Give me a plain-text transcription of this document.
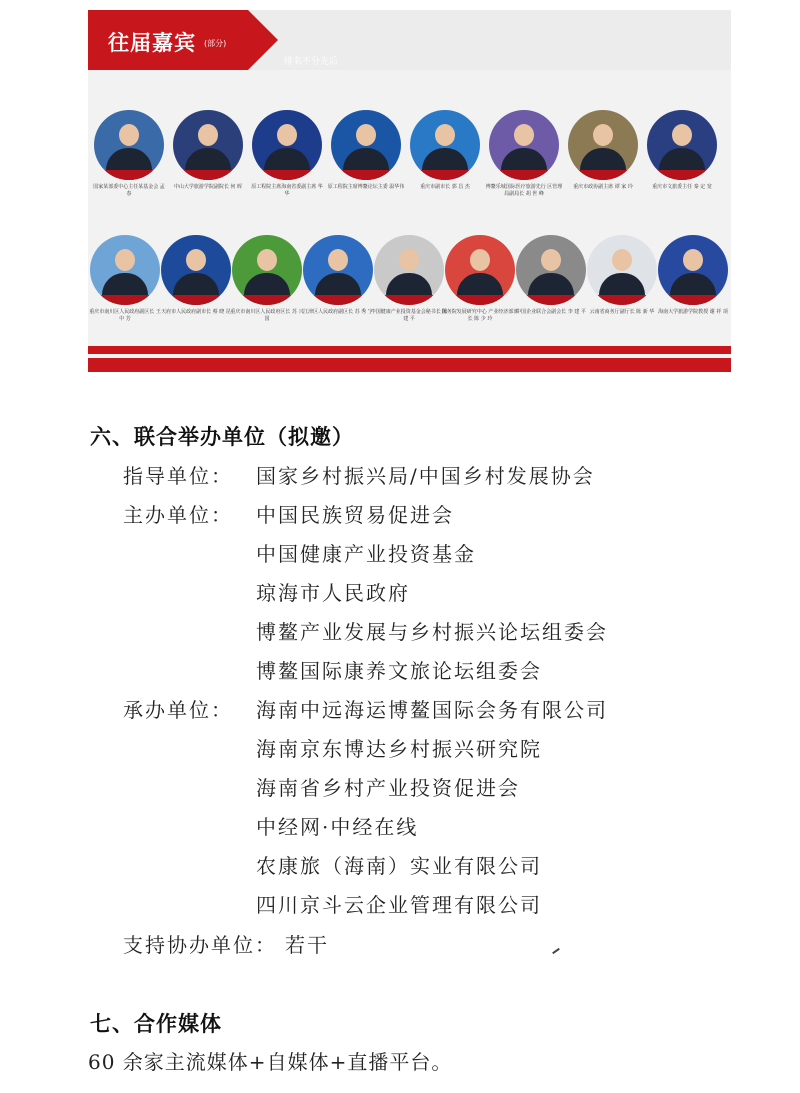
往届嘉宾 (部分)
排名不分先后
国家某部委中心主任某基金会 孟 春
中山大学旅游学院副院长 何 晖	原工程院主席海南省委副主席 华 华
原工程院主席博鳌论坛主委 温华伟	重庆市副市长 郭 昌 杰	博鳌乐城国际医疗旅游先行 区管理局副局长 胡 世 峰
重庆市政协副主席 谭 家 玲	重庆市文旅委主任 秦 定 宽
重庆市南川区人民政府副区长 王 中 芳
天府市人民政府副市长 蔡 晓 昆 重庆市南川区人民政府区长 苏 兴 国
江津区人民政府副区长 苏 秀 宁
中国健康产业投资基金会秘书长 陈 建 平
国务院发展研究中心 产业经济部部长 陈 少 玲
中国企业联合会副会长 李 建 平 云南省商务厅副厅长 陈 新 华 海南大学旅游学院教授 谢 祥 项
六、联合举办单位（拟邀）
指导单位： 国家乡村振兴局/中国乡村发展协会
主办单位： 中国民族贸易促进会
中国健康产业投资基金
琼海市人民政府
博鳌产业发展与乡村振兴论坛组委会
博鳌国际康养文旅论坛组委会
承办单位： 海南中远海运博鳌国际会务有限公司
海南京东博达乡村振兴研究院
海南省乡村产业投资促进会
中经网·中经在线
农康旅（海南）实业有限公司
四川京斗云企业管理有限公司
支持协办单位： 若干
七、合作媒体
60 余家主流媒体+自媒体+直播平台。
